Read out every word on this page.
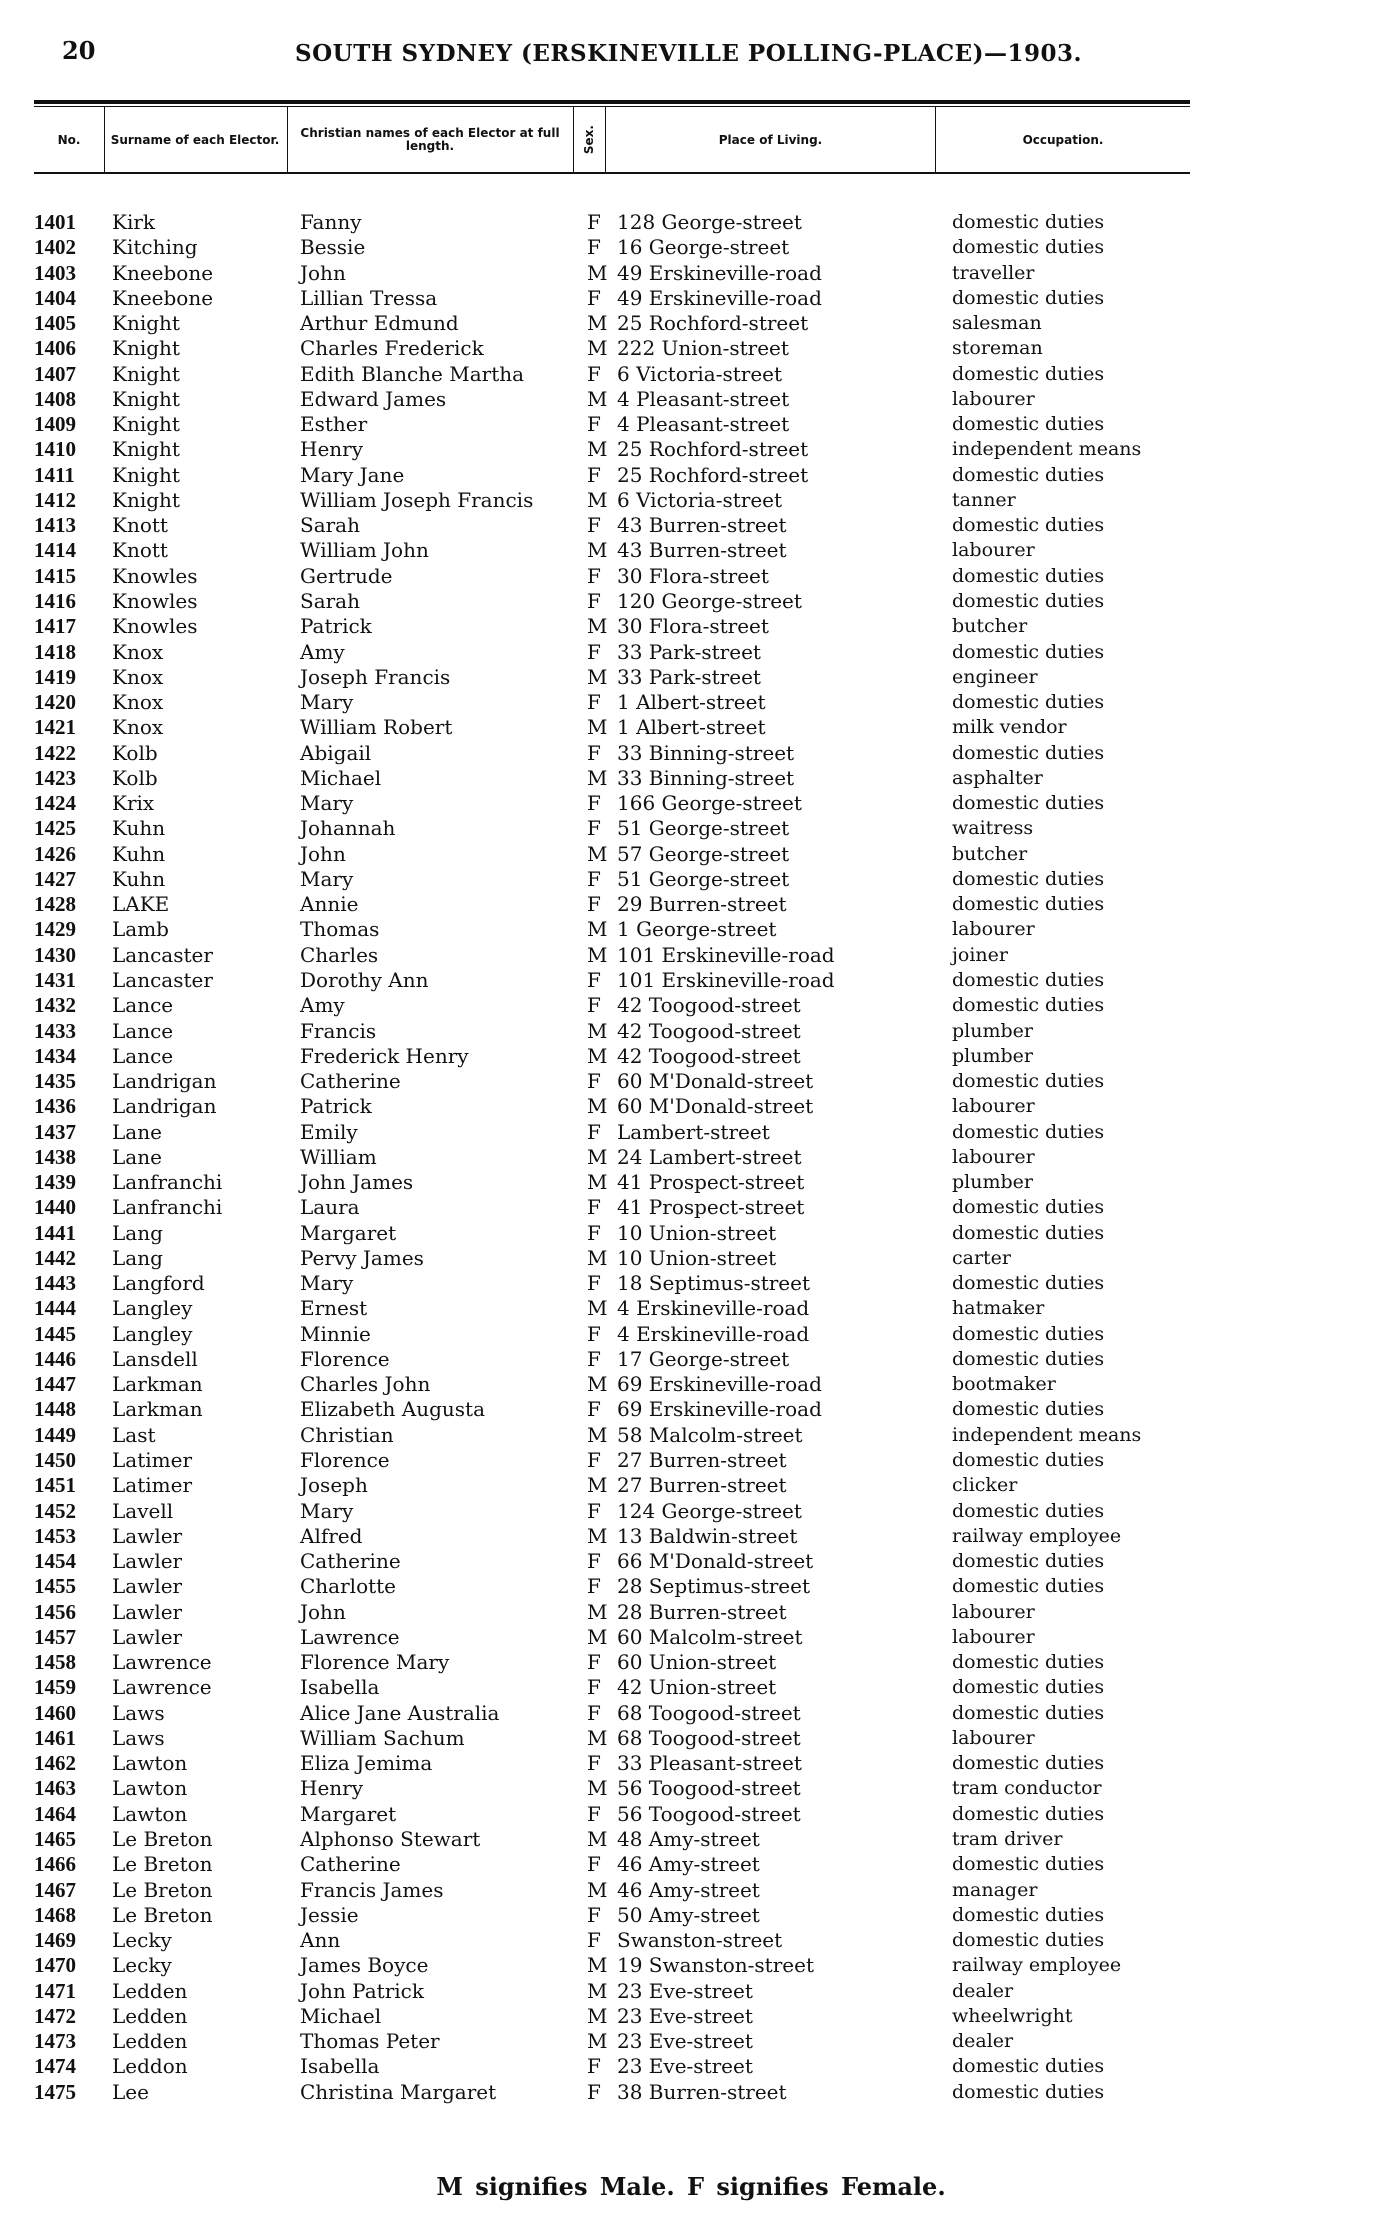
20	SOUTH SYDNEY (ERSKINEVILLE POLLING-PLACE)—1903.
No.	Surname of each Elector.	Christian names of each Elector at full length.	Sex.	Place of Living.	Occupation.
1401 Kirk	Fanny	F 128 George-street	domestic duties
1402 Kitching	Bessie	F 16 George-street	domestic duties
1403 Kneebone	John	M 49 Erskineville-road	traveller
1404 Kneebone	Lillian Tressa	F 49 Erskineville-road	domestic duties
1405 Knight	Arthur Edmund	M 25 Rochford-street	salesman
1406 Knight	Charles Frederick	M 222 Union-street	storeman
1407 Knight	Edith Blanche Martha	F 6 Victoria-street	domestic duties
1408 Knight	Edward James	M 4 Pleasant-street	labourer
1409 Knight	Esther	F 4 Pleasant-street	domestic duties
1410 Knight	Henry	M 25 Rochford-street	independent means
1411 Knight	Mary Jane	F 25 Rochford-street	domestic duties
1412 Knight	William Joseph Francis	M 6 Victoria-street	tanner
1413 Knott	Sarah	F 43 Burren-street	domestic duties
1414 Knott	William John	M 43 Burren-street	labourer
1415 Knowles	Gertrude	F 30 Flora-street	domestic duties
1416 Knowles	Sarah	F 120 George-street	domestic duties
1417 Knowles	Patrick	M 30 Flora-street	butcher
1418 Knox	Amy	F 33 Park-street	domestic duties
1419 Knox	Joseph Francis	M 33 Park-street	engineer
1420 Knox	Mary	F 1 Albert-street	domestic duties
1421 Knox	William Robert	M 1 Albert-street	milk vendor
1422 Kolb	Abigail	F 33 Binning-street	domestic duties
1423 Kolb	Michael	M 33 Binning-street	asphalter
1424 Krix	Mary	F 166 George-street	domestic duties
1425 Kuhn	Johannah	F 51 George-street	waitress
1426 Kuhn	John	M 57 George-street	butcher
1427 Kuhn	Mary	F 51 George-street	domestic duties
1428 LAKE	Annie	F 29 Burren-street	domestic duties
1429 Lamb	Thomas	M 1 George-street	labourer
1430 Lancaster	Charles	M 101 Erskineville-road	joiner
1431 Lancaster	Dorothy Ann	F 101 Erskineville-road	domestic duties
1432 Lance	Amy	F 42 Toogood-street	domestic duties
1433 Lance	Francis	M 42 Toogood-street	plumber
1434 Lance	Frederick Henry	M 42 Toogood-street	plumber
1435 Landrigan	Catherine	F 60 M'Donald-street	domestic duties
1436 Landrigan	Patrick	M 60 M'Donald-street	labourer
1437 Lane	Emily	F Lambert-street	domestic duties
1438 Lane	William	M 24 Lambert-street	labourer
1439 Lanfranchi	John James	M 41 Prospect-street	plumber
1440 Lanfranchi	Laura	F 41 Prospect-street	domestic duties
1441 Lang	Margaret	F 10 Union-street	domestic duties
1442 Lang	Pervy James	M 10 Union-street	carter
1443 Langford	Mary	F 18 Septimus-street	domestic duties
1444 Langley	Ernest	M 4 Erskineville-road	hatmaker
1445 Langley	Minnie	F 4 Erskineville-road	domestic duties
1446 Lansdell	Florence	F 17 George-street	domestic duties
1447 Larkman	Charles John	M 69 Erskineville-road	bootmaker
1448 Larkman	Elizabeth Augusta	F 69 Erskineville-road	domestic duties
1449 Last	Christian	M 58 Malcolm-street	independent means
1450 Latimer	Florence	F 27 Burren-street	domestic duties
1451 Latimer	Joseph	M 27 Burren-street	clicker
1452 Lavell	Mary	F 124 George-street	domestic duties
1453 Lawler	Alfred	M 13 Baldwin-street	railway employee
1454 Lawler	Catherine	F 66 M'Donald-street	domestic duties
1455 Lawler	Charlotte	F 28 Septimus-street	domestic duties
1456 Lawler	John	M 28 Burren-street	labourer
1457 Lawler	Lawrence	M 60 Malcolm-street	labourer
1458 Lawrence	Florence Mary	F 60 Union-street	domestic duties
1459 Lawrence	Isabella	F 42 Union-street	domestic duties
1460 Laws	Alice Jane Australia	F 68 Toogood-street	domestic duties
1461 Laws	William Sachum	M 68 Toogood-street	labourer
1462 Lawton	Eliza Jemima	F 33 Pleasant-street	domestic duties
1463 Lawton	Henry	M 56 Toogood-street	tram conductor
1464 Lawton	Margaret	F 56 Toogood-street	domestic duties
1465 Le Breton	Alphonso Stewart	M 48 Amy-street	tram driver
1466 Le Breton	Catherine	F 46 Amy-street	domestic duties
1467 Le Breton	Francis James	M 46 Amy-street	manager
1468 Le Breton	Jessie	F 50 Amy-street	domestic duties
1469 Lecky	Ann	F Swanston-street	domestic duties
1470 Lecky	James Boyce	M 19 Swanston-street	railway employee
1471 Ledden	John Patrick	M 23 Eve-street	dealer
1472 Ledden	Michael	M 23 Eve-street	wheelwright
1473 Ledden	Thomas Peter	M 23 Eve-street	dealer
1474 Leddon	Isabella	F 23 Eve-street	domestic duties
1475 Lee	Christina Margaret	F 38 Burren-street	domestic duties
M signifies Male. F signifies Female.
